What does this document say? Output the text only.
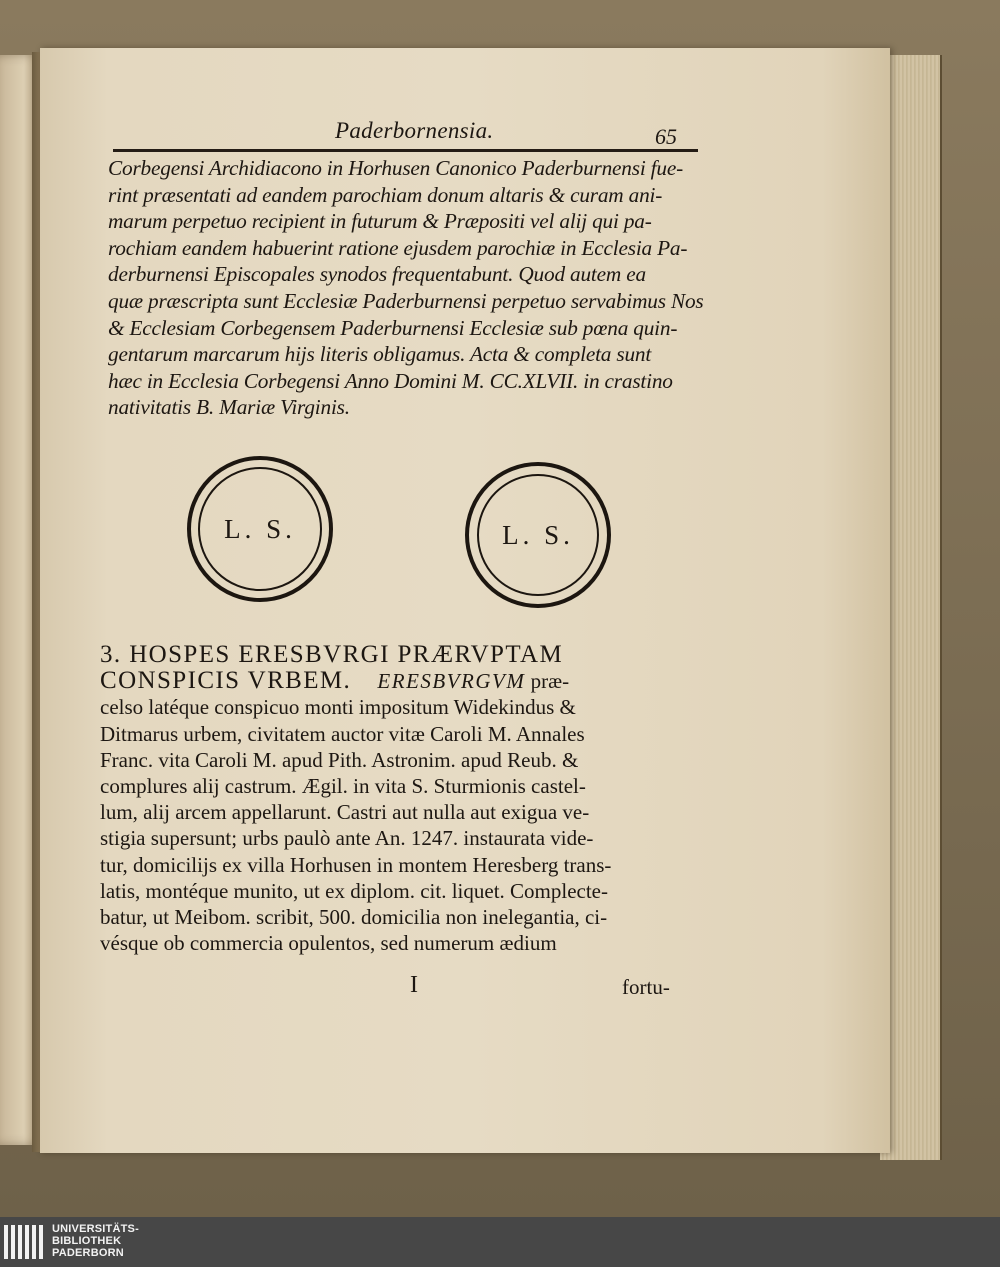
Paderbornensia.	65
Corbegensi Archidiacono in Horhusen Canonico Paderburnensi fue-
rint præsentati ad eandem parochiam donum altaris & curam ani-
marum perpetuo recipient in futurum & Præpositi vel alij qui pa-
rochiam eandem habuerint ratione ejusdem parochiæ in Ecclesia Pa-
derburnensi Episcopales synodos frequentabunt. Quod autem ea
quæ præscripta sunt Ecclesiæ Paderburnensi perpetuo servabimus Nos
& Ecclesiam Corbegensem Paderburnensi Ecclesiæ sub pœna quin-
gentarum marcarum hijs literis obligamus. Acta & completa sunt
hæc in Ecclesia Corbegensi Anno Domini M. CC.XLVII. in crastino
nativitatis B. Mariæ Virginis.
L. S.	L. S.
3. HOSPES ERESBVRGI PRÆRVPTAM
CONSPICIS VRBEM. ERESBVRGVM præ-
celso latéque conspicuo monti impositum Widekindus &
Ditmarus urbem, civitatem auctor vitæ Caroli M. Annales
Franc. vita Caroli M. apud Pith. Astronim. apud Reub. &
complures alij castrum. Ægil. in vita S. Sturmionis castel-
lum, alij arcem appellarunt. Castri aut nulla aut exigua ve-
stigia supersunt; urbs paulò ante An. 1247. instaurata vide-
tur, domicilijs ex villa Horhusen in montem Heresberg trans-
latis, montéque munito, ut ex diplom. cit. liquet. Complecte-
batur, ut Meibom. scribit, 500. domicilia non inelegantia, ci-
vésque ob commercia opulentos, sed numerum ædium
I	fortu-
UNIVERSITÄTS-
BIBLIOTHEK
PADERBORN
